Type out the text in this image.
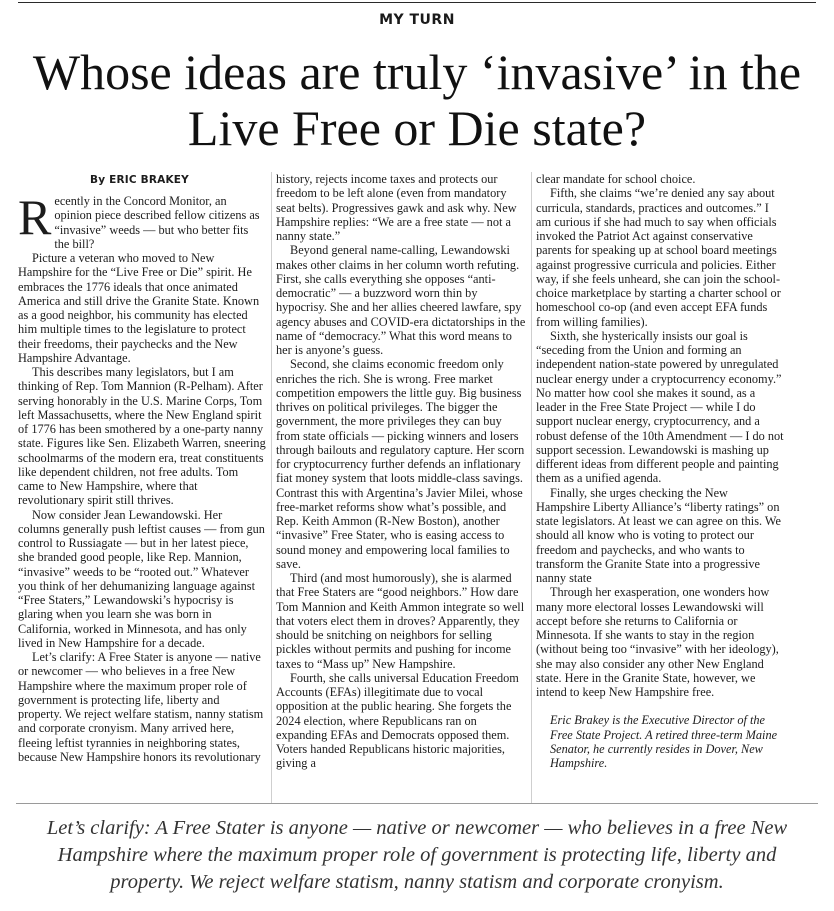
MY TURN
Whose ideas are truly ‘invasive’ in the Live Free or Die state?
By ERIC BRAKEY

Recently in the Concord Monitor, an opinion piece described fellow citizens as “invasive” weeds — but who better fits the bill?

Picture a veteran who moved to New Hampshire for the “Live Free or Die” spirit. He embraces the 1776 ideals that once animated America and still drive the Granite State. Known as a good neighbor, his community has elected him multiple times to the legislature to protect their freedoms, their paychecks and the New Hampshire Advantage.

This describes many legislators, but I am thinking of Rep. Tom Mannion (R-Pelham). After serving honorably in the U.S. Marine Corps, Tom left Massachusetts, where the New England spirit of 1776 has been smothered by a one-party nanny state. Figures like Sen. Elizabeth Warren, sneering schoolmarms of the modern era, treat constituents like dependent children, not free adults. Tom came to New Hampshire, where that revolutionary spirit still thrives.

Now consider Jean Lewandowski. Her columns generally push leftist causes — from gun control to Russiagate — but in her latest piece, she branded good people, like Rep. Mannion, “invasive” weeds to be “rooted out.” Whatever you think of her dehumanizing language against “Free Staters,” Lewandowski’s hypocrisy is glaring when you learn she was born in California, worked in Minnesota, and has only lived in New Hampshire for a decade.

Let’s clarify: A Free Stater is anyone — native or newcomer — who believes in a free New Hampshire where the maximum proper role of government is protecting life, liberty and property. We reject welfare statism, nanny statism and corporate cronyism. Many arrived here, fleeing leftist tyrannies in neighboring states, because New Hampshire honors its revolutionary

history, rejects income taxes and protects our freedom to be left alone (even from mandatory seat belts). Progressives gawk and ask why. New Hampshire replies: “We are a free state — not a nanny state.”

Beyond general name-calling, Lewandowski makes other claims in her column worth refuting. First, she calls everything she opposes “anti-democratic” — a buzzword worn thin by hypocrisy. She and her allies cheered lawfare, spy agency abuses and COVID-era dictatorships in the name of “democracy.” What this word means to her is anyone’s guess.

Second, she claims economic freedom only enriches the rich. She is wrong. Free market competition empowers the little guy. Big business thrives on political privileges. The bigger the government, the more privileges they can buy from state officials — picking winners and losers through bailouts and regulatory capture. Her scorn for cryptocurrency further defends an inflationary fiat money system that loots middle-class savings. Contrast this with Argentina’s Javier Milei, whose free-market reforms show what’s possible, and Rep. Keith Ammon (R-New Boston), another “invasive” Free Stater, who is easing access to sound money and empowering local families to save.

Third (and most humorously), she is alarmed that Free Staters are “good neighbors.” How dare Tom Mannion and Keith Ammon integrate so well that voters elect them in droves? Apparently, they should be snitching on neighbors for selling pickles without permits and pushing for income taxes to “Mass up” New Hampshire.

Fourth, she calls universal Education Freedom Accounts (EFAs) illegitimate due to vocal opposition at the public hearing. She forgets the 2024 election, where Republicans ran on expanding EFAs and Democrats opposed them. Voters handed Republicans historic majorities, giving a

clear mandate for school choice.

Fifth, she claims “we’re denied any say about curricula, standards, practices and outcomes.” I am curious if she had much to say when officials invoked the Patriot Act against conservative parents for speaking up at school board meetings against progressive curricula and policies. Either way, if she feels unheard, she can join the school-choice marketplace by starting a charter school or homeschool co-op (and even accept EFA funds from willing families).

Sixth, she hysterically insists our goal is “seceding from the Union and forming an independent nation-state powered by unregulated nuclear energy under a cryptocurrency economy.” No matter how cool she makes it sound, as a leader in the Free State Project — while I do support nuclear energy, cryptocurrency, and a robust defense of the 10th Amendment — I do not support secession. Lewandowski is mashing up different ideas from different people and painting them as a unified agenda.

Finally, she urges checking the New Hampshire Liberty Alliance’s “liberty ratings” on state legislators. At least we can agree on this. We should all know who is voting to protect our freedom and paychecks, and who wants to transform the Granite State into a progressive nanny state

Through her exasperation, one wonders how many more electoral losses Lewandowski will accept before she returns to California or Minnesota. If she wants to stay in the region (without being too “invasive” with her ideology), she may also consider any other New England state. Here in the Granite State, however, we intend to keep New Hampshire free.

Eric Brakey is the Executive Director of the Free State Project. A retired three-term Maine Senator, he currently resides in Dover, New Hampshire.

Let’s clarify: A Free Stater is anyone — native or newcomer — who believes in a free New Hampshire where the maximum proper role of government is protecting life, liberty and property. We reject welfare statism, nanny statism and corporate cronyism.
